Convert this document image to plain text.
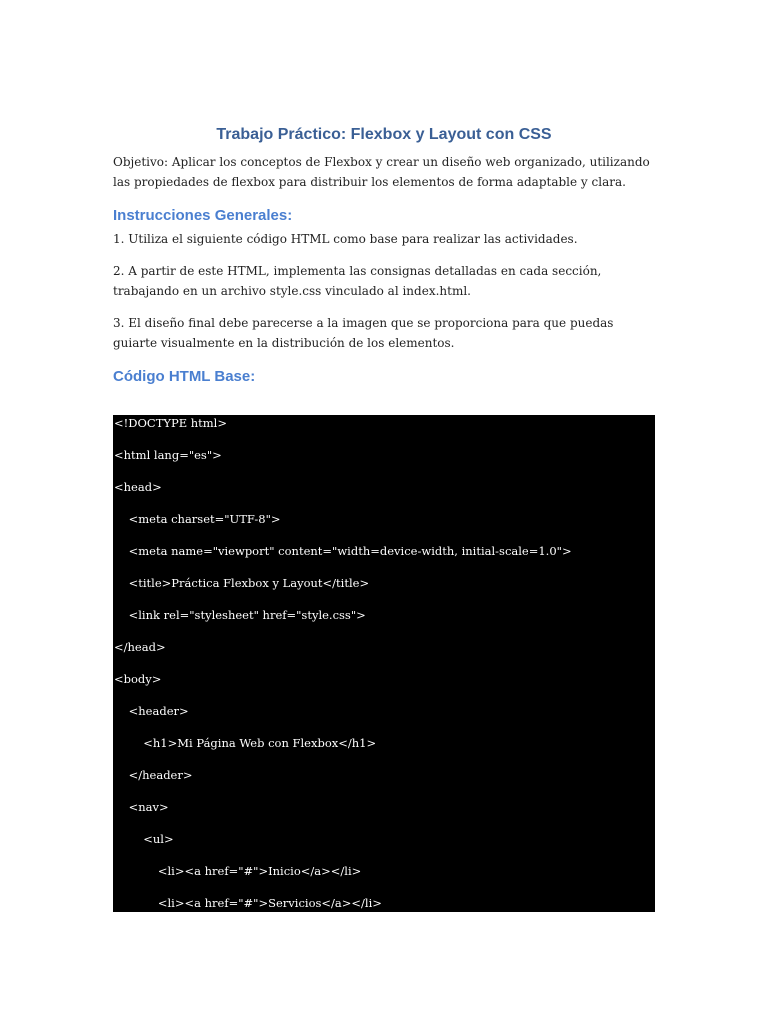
Trabajo Práctico: Flexbox y Layout con CSS

Objetivo: Aplicar los conceptos de Flexbox y crear un diseño web organizado, utilizando las propiedades de flexbox para distribuir los elementos de forma adaptable y clara.

Instrucciones Generales:

1. Utiliza el siguiente código HTML como base para realizar las actividades.

2. A partir de este HTML, implementa las consignas detalladas en cada sección, trabajando en un archivo style.css vinculado al index.html.

3. El diseño final debe parecerse a la imagen que se proporciona para que puedas guiarte visualmente en la distribución de los elementos.

Código HTML Base:
<!DOCTYPE html>
<html lang="es">
<head>
<meta charset="UTF-8">
<meta name="viewport" content="width=device-width, initial-scale=1.0">
<title>Práctica Flexbox y Layout</title>
<link rel="stylesheet" href="style.css">
</head>
<body>
<header>
<h1>Mi Página Web con Flexbox</h1>
</header>
<nav>
<ul>
<li><a href="#">Inicio</a></li>
<li><a href="#">Servicios</a></li>
